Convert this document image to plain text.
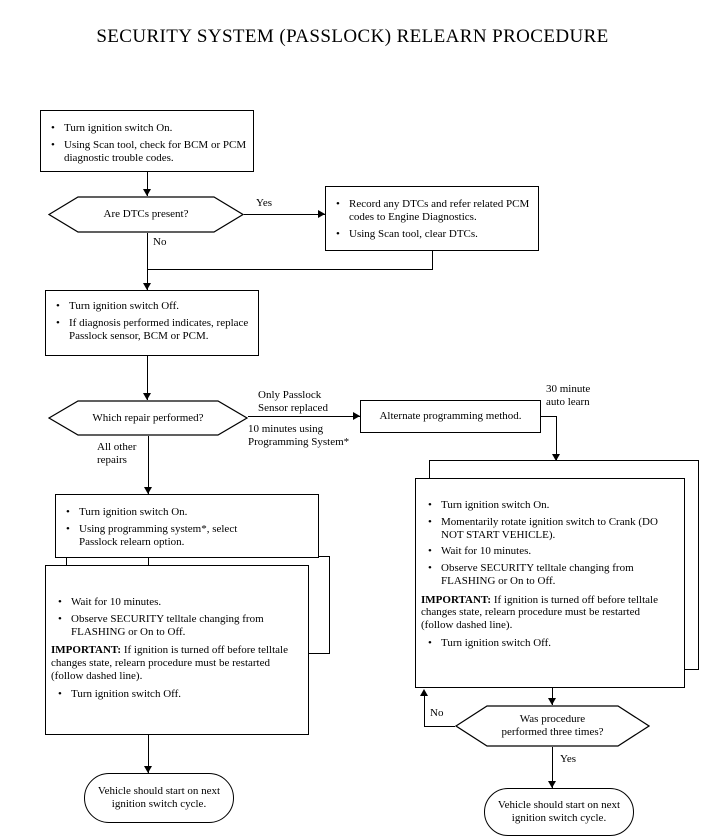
SECURITY SYSTEM (PASSLOCK) RELEARN PROCEDURE
Yes
No
Only Passlock Sensor replaced
10 minutes using Programming System*
30 minute auto learn
All other repairs
No
Yes
• Turn ignition switch On.
• Using Scan tool, check for BCM or PCM diagnostic trouble codes.
Are DTCs present?
• Record any DTCs and refer related PCM codes to Engine Diagnostics.
• Using Scan tool, clear DTCs.
• Turn ignition switch Off.
• If diagnosis performed indicates, replace Passlock sensor, BCM or PCM.
Which repair performed?	Alternate programming method.
• Turn ignition switch On.
• Using programming system*, select Passlock relearn option.
• Wait for 10 minutes.
• Observe SECURITY telltale changing from FLASHING or On to Off.
IMPORTANT: If ignition is turned off before telltale changes state, relearn procedure must be restarted (follow dashed line).
• Turn ignition switch Off.
• Turn ignition switch On.
• Momentarily rotate ignition switch to Crank (DO NOT START VEHICLE).
• Wait for 10 minutes.
• Observe SECURITY telltale changing from FLASHING or On to Off.
IMPORTANT: If ignition is turned off before telltale changes state, relearn procedure must be restarted (follow dashed line).
• Turn ignition switch Off.
Was procedure performed three times?
Vehicle should start on next ignition switch cycle.	Vehicle should start on next ignition switch cycle.
